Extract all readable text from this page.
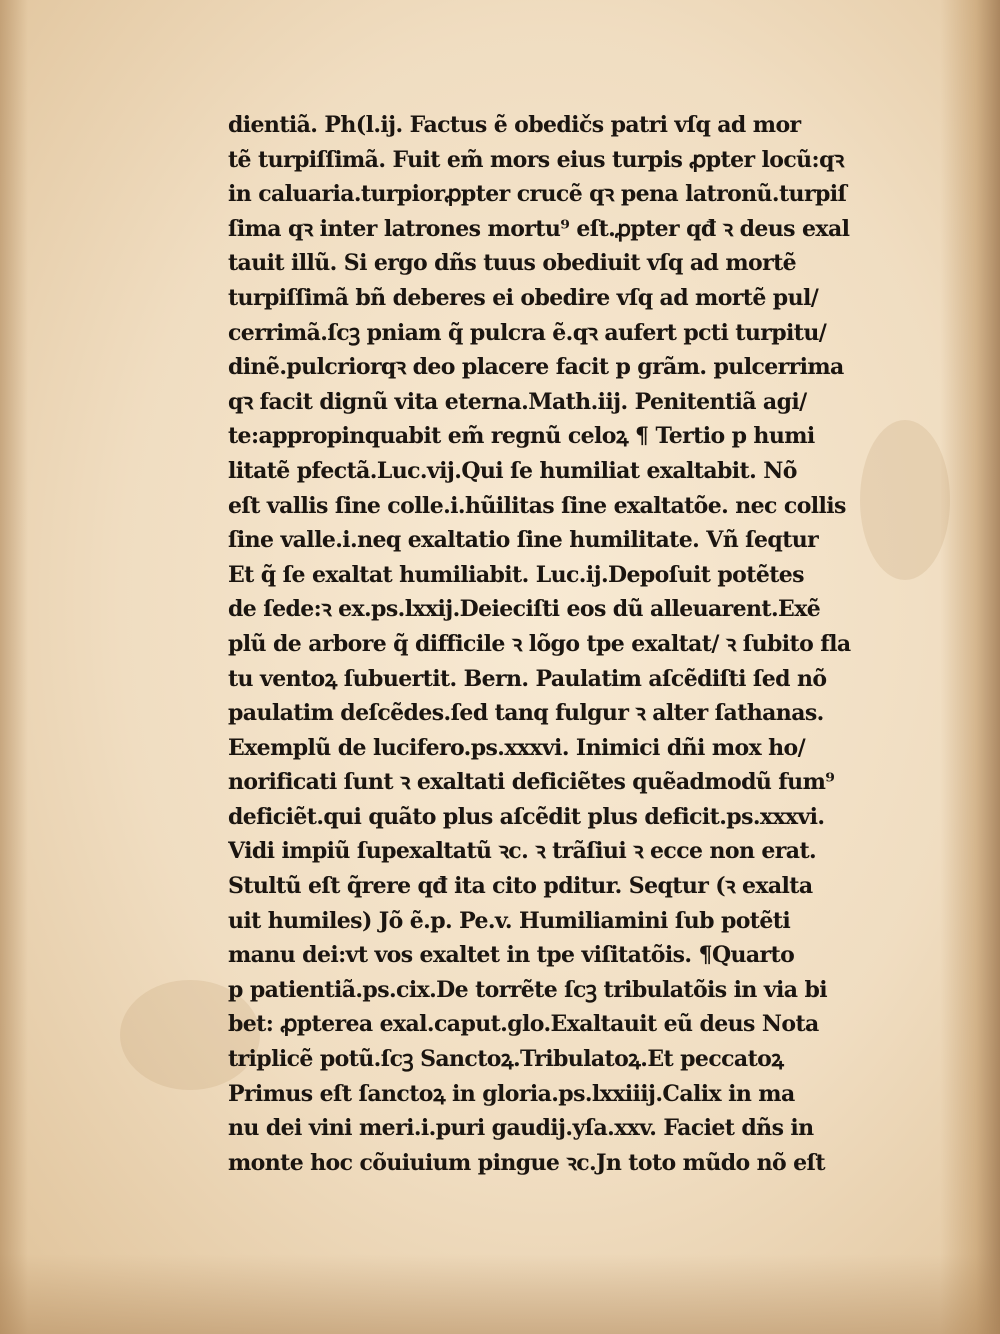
dientiã. Ph(l.ij. Factus ẽ obedičs patri vſq ad mor
tẽ turpiſſimã. Fuit em̃ mors eius turpis ꝓpter locũ:qꝛ
in caluaria.turpiorꝓpter crucẽ qꝛ pena latronũ.turpiſ
ſima qꝛ inter latrones mortu⁹ eſt.ꝓpter qđ ꝛ deus exal
tauit illũ. Si ergo dñs tuus obediuit vſq ad mortẽ
turpiſſimã bñ deberes ei obedire vſq ad mortẽ pul/
cerrimã.ſcꝫ pniam q̃ pulcra ẽ.qꝛ aufert pcti turpitu/
dinẽ.pulcriorqꝛ deo placere facit p grãm. pulcerrima
qꝛ facit dignũ vita eterna.Math.iij. Penitentiã agi/
te:appropinquabit em̃ regnũ celoꝝ ¶ Tertio p humi
litatẽ pfectã.Luc.vij.Qui ſe humiliat exaltabit. Nõ
eſt vallis ſine colle.i.hũilitas ſine exaltatõe. nec collis
ſine valle.i.neq exaltatio ſine humilitate. Vñ ſeqtur
Et q̃ ſe exaltat humiliabit. Luc.ij.Depoſuit potẽtes
de ſede:ꝛ ex.ps.lxxij.Deieciſti eos dũ alleuarent.Exẽ
plũ de arbore q̃ difficile ꝛ lõgo tpe exaltat/ ꝛ ſubito fla
tu ventoꝝ ſubuertit. Bern. Paulatim aſcẽdiſti ſed nõ
paulatim deſcẽdes.ſed tanq fulgur ꝛ alter ſathanas.
Exemplũ de lucifero.ps.xxxvi. Inimici dñi mox ho/
norificati ſunt ꝛ exaltati deficiẽtes quẽadmodũ fum⁹
deficiẽt.qui quãto plus aſcẽdit plus deficit.ps.xxxvi.
Vidi impiũ ſupexaltatũ ꝛc. ꝛ trãſiui ꝛ ecce non erat.
Stultũ eſt q̃rere qđ ita cito pditur. Seqtur (ꝛ exalta
uit humiles) Jõ ẽ.p. Pe.v. Humiliamini ſub potẽti
manu dei:vt vos exaltet in tpe viſitatõis. ¶Quarto
p patientiã.ps.cix.De torrẽte ſcꝫ tribulatõis in via bi
bet: ꝓpterea exal.caput.glo.Exaltauit eũ deus Nota
triplicẽ potũ.ſcꝫ Sanctoꝝ.Tribulatoꝝ.Et peccatoꝝ
Primus eſt ſanctoꝝ in gloria.ps.lxxiiij.Calix in ma
nu dei vini meri.i.puri gaudij.yſa.xxv. Faciet dñs in
monte hoc cõuiuium pingue ꝛc.Jn toto mũdo nõ eſt
